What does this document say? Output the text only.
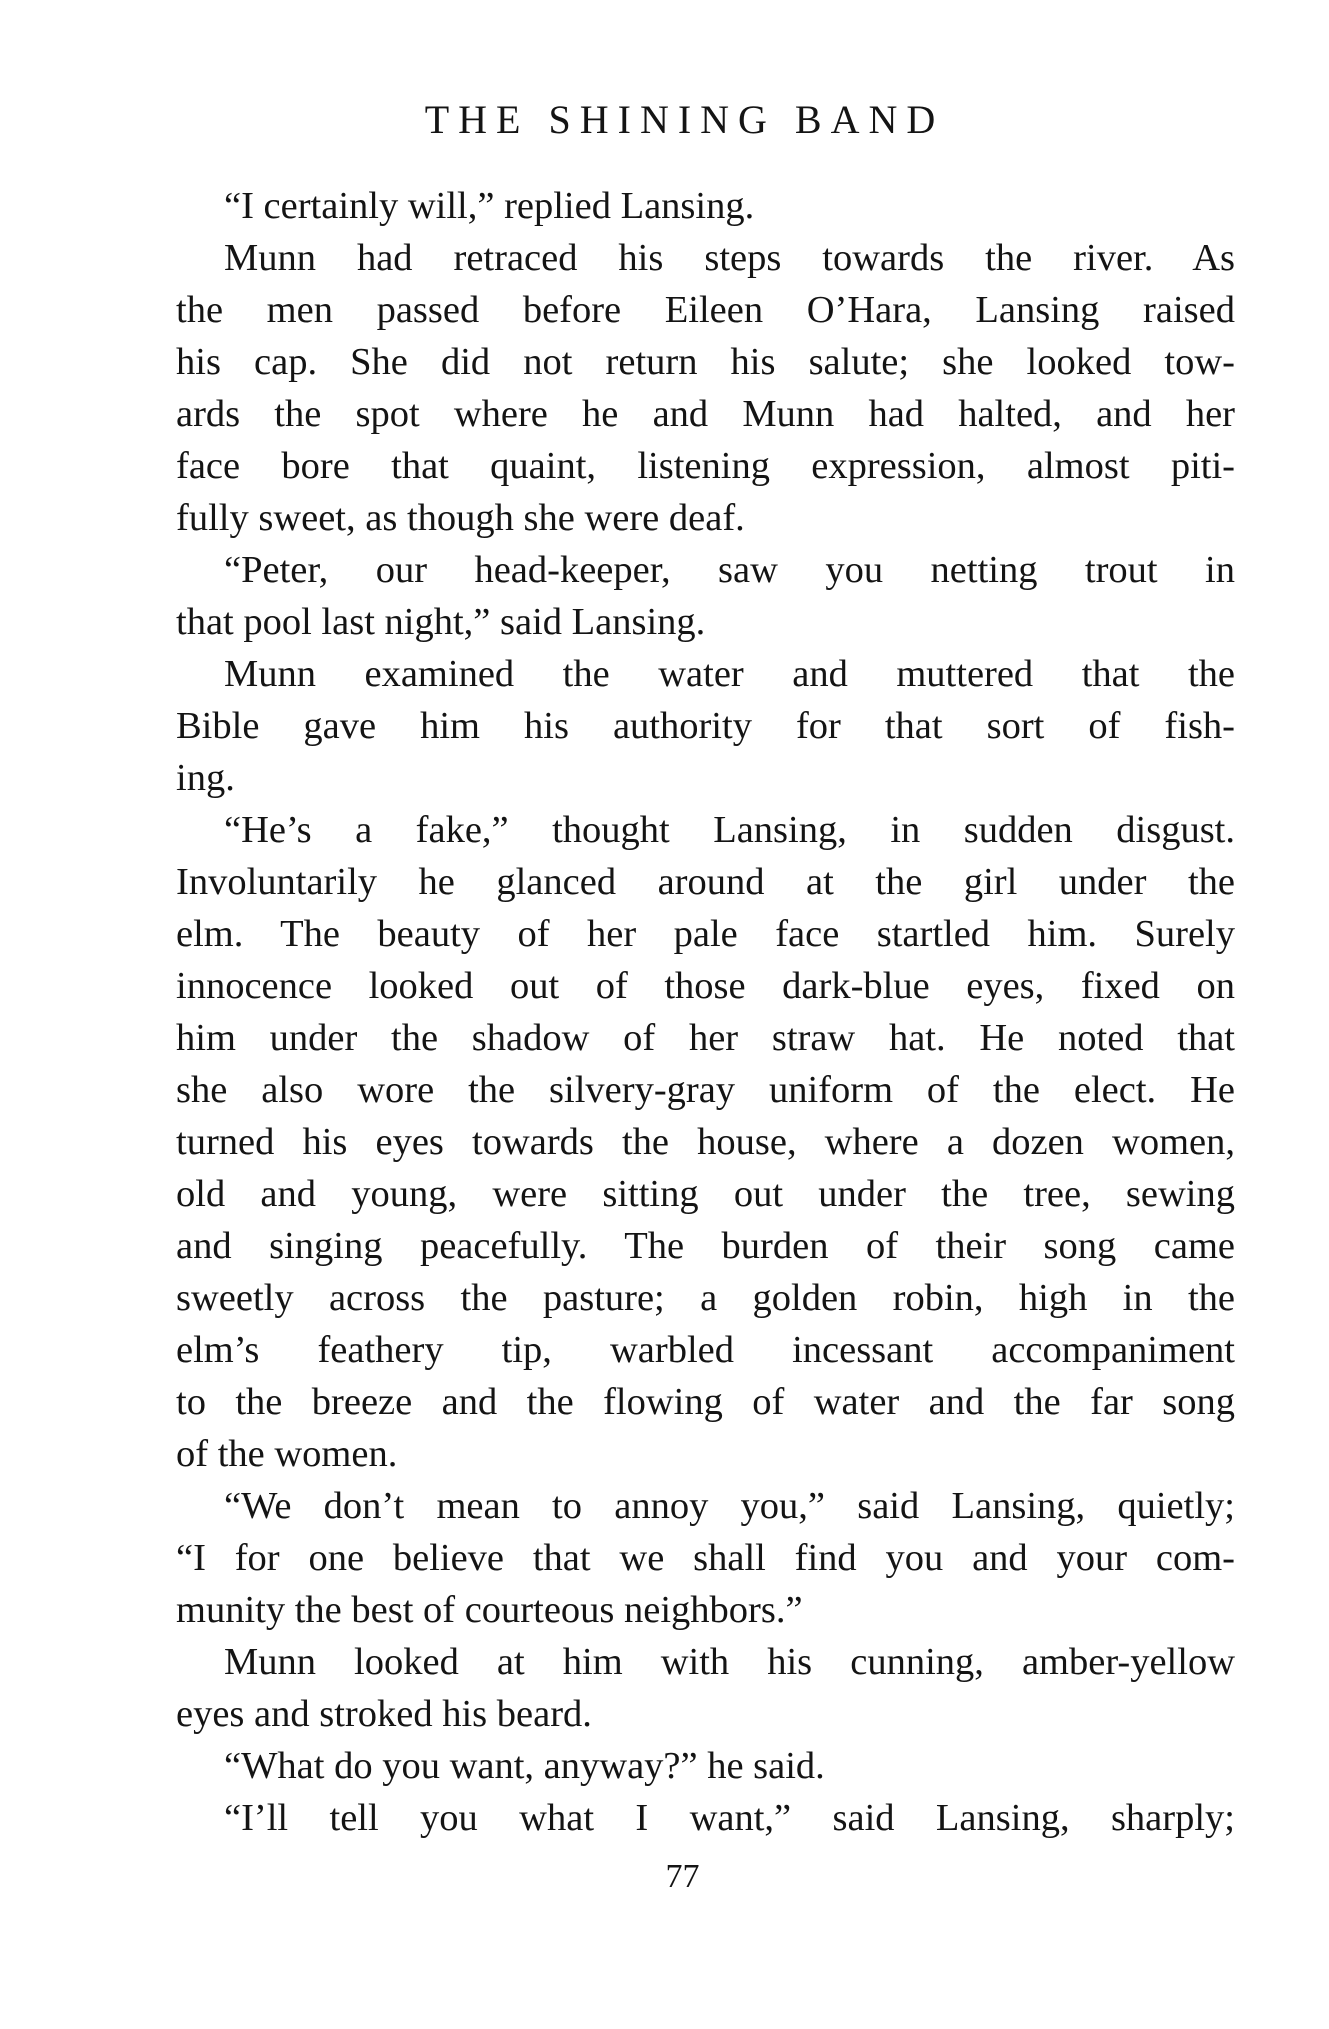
THE SHINING BAND
“I certainly will,” replied Lansing.
Munn had retraced his steps towards the river. As
the men passed before Eileen O’Hara, Lansing raised
his cap. She did not return his salute; she looked tow-
ards the spot where he and Munn had halted, and her
face bore that quaint, listening expression, almost piti-
fully sweet, as though she were deaf.
“Peter, our head-keeper, saw you netting trout in
that pool last night,” said Lansing.
Munn examined the water and muttered that the
Bible gave him his authority for that sort of fish-
ing.
“He’s a fake,” thought Lansing, in sudden disgust.
Involuntarily he glanced around at the girl under the
elm. The beauty of her pale face startled him. Surely
innocence looked out of those dark-blue eyes, fixed on
him under the shadow of her straw hat. He noted that
she also wore the silvery-gray uniform of the elect. He
turned his eyes towards the house, where a dozen women,
old and young, were sitting out under the tree, sewing
and singing peacefully. The burden of their song came
sweetly across the pasture; a golden robin, high in the
elm’s feathery tip, warbled incessant accompaniment
to the breeze and the flowing of water and the far song
of the women.
“We don’t mean to annoy you,” said Lansing, quietly;
“I for one believe that we shall find you and your com-
munity the best of courteous neighbors.”
Munn looked at him with his cunning, amber-yellow
eyes and stroked his beard.
“What do you want, anyway?” he said.
“I’ll tell you what I want,” said Lansing, sharply;
77
